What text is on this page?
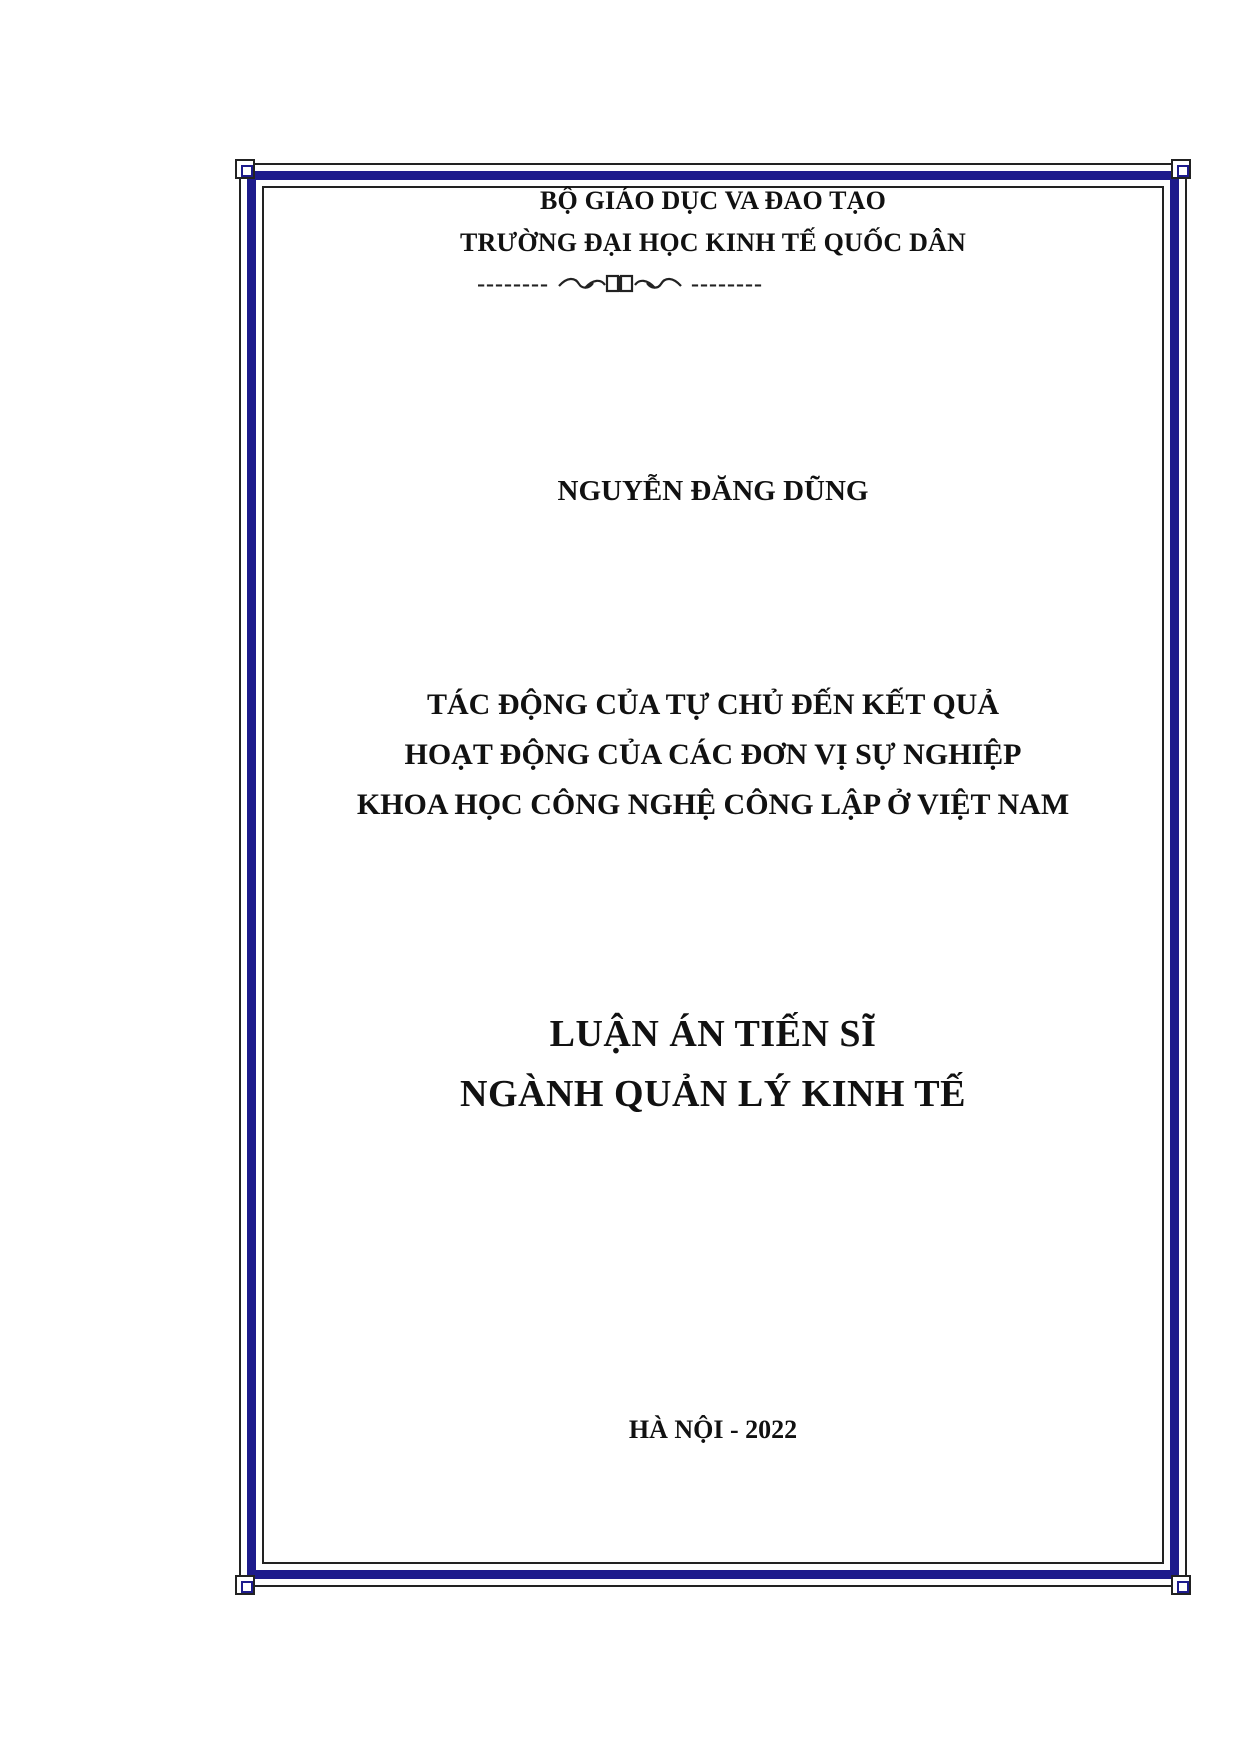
BỘ GIÁO DỤC VA ĐAO TẠO
TRƯỜNG ĐẠI HỌC KINH TẾ QUỐC DÂN
--------	--------
NGUYỄN ĐĂNG DŨNG
TÁC ĐỘNG CỦA TỰ CHỦ ĐẾN KẾT QUẢ
HOẠT ĐỘNG CỦA CÁC ĐƠN VỊ SỰ NGHIỆP
KHOA HỌC CÔNG NGHỆ CÔNG LẬP Ở VIỆT NAM
LUẬN ÁN TIẾN SĨ
NGÀNH QUẢN LÝ KINH TẾ
HÀ NỘI - 2022
